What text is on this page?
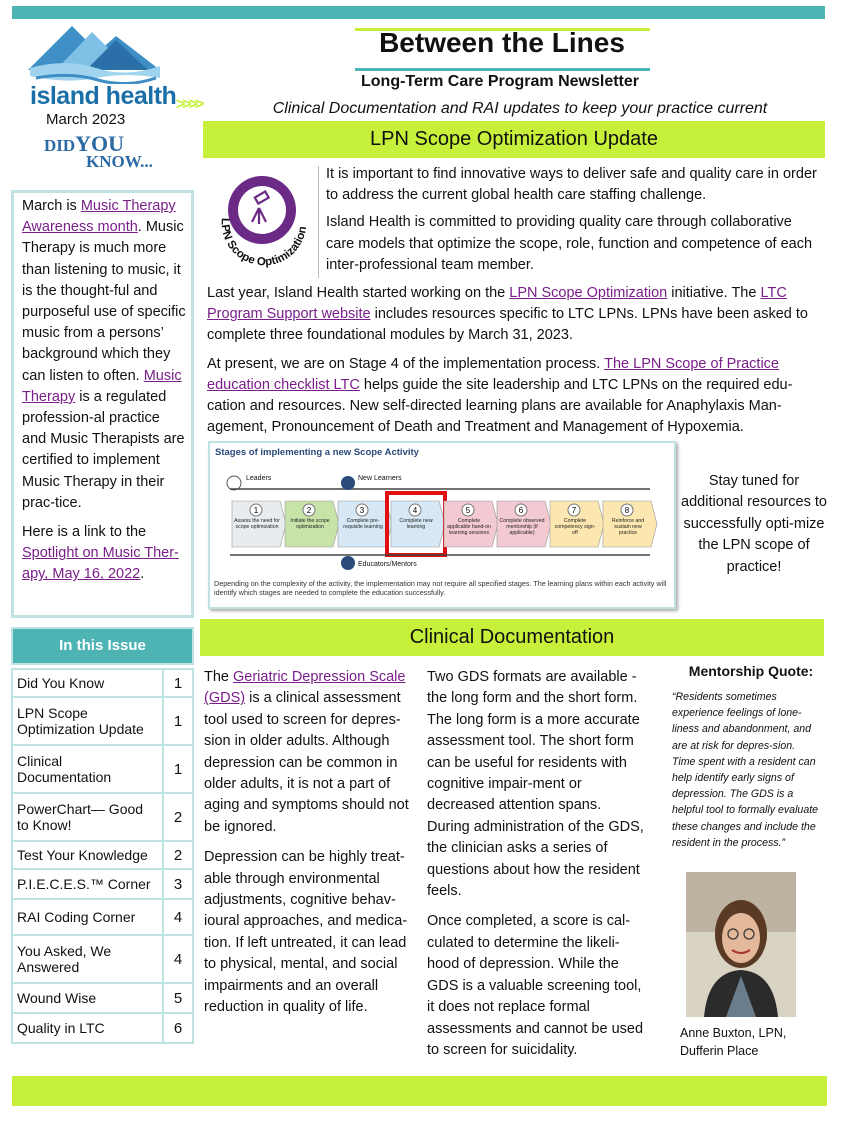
island health
March 2023
DIDYOU
KNOW...
>>>>
Between the Lines
Long-Term Care Program Newsletter
Clinical Documentation and RAI updates to keep your practice current
LPN Scope Optimization Update

March is Music Therapy Awareness month. Music Therapy is much more than listening to music, it is the thought-ful and purposeful use of specific music from a persons’ background which they can listen to often. Music Therapy is a regulated profession-al practice and Music Therapists are certified to implement Music Therapy in their prac-tice.

Here is a link to the Spotlight on Music Ther-apy, May 16, 2022.

In this Issue
Did You Know	1
LPN Scope Optimization Update	1
Clinical Documentation	1
PowerChart— Good to Know!	2
Test Your Knowledge	2
P.I.E.C.E.S.™ Corner	3
RAI Coding Corner	4
You Asked, We Answered	4
Wound Wise	5
Quality in LTC	6
LPN Scope Optimization

It is important to find innovative ways to deliver safe and quality care in order to address the current global health care staffing challenge.

Island Health is committed to providing quality care through collaborative care models that optimize the scope, role, function and competence of each inter-professional team member.

Last year, Island Health started working on the LPN Scope Optimization initiative. The LTC Program Support website includes resources specific to LTC LPNs. LPNs have been asked to complete three foundational modules by March 31, 2023.

At present, we are on Stage 4 of the implementation process. The LPN Scope of Practice education checklist LTC helps guide the site leadership and LTC LPNs on the required edu-cation and resources. New self-directed learning plans are available for Anaphylaxis Man-agement, Pronouncement of Death and Treatment and Management of Hypoxemia.

Stages of implementing a new Scope Activity
Leaders	New Learners
1
Assess the need for scope optimization
2
Initiate the scope optimization
3
Complete pre-requisite learning
4
Complete new learning
5
Complete applicable hand-on learning sessions
6
Complete observed mentorship (if applicable)
7
Complete competency sign-off
8
Reinforce and sustain new practice
Educators/Mentors
Depending on the complexity of the activity, the implementation may not require all specified stages. The learning plans within each activity will identify which stages are needed to complete the education successfully.
Stay tuned for additional resources to successfully opti-mize the LPN scope of practice!
Clinical Documentation

The Geriatric Depression Scale (GDS) is a clinical assessment tool used to screen for depres-sion in older adults. Although depression can be common in older adults, it is not a part of aging and symptoms should not be ignored.

Depression can be highly treat-able through environmental adjustments, cognitive behav-ioural approaches, and medica-tion. If left untreated, it can lead to physical, mental, and social impairments and an overall reduction in quality of life.

Two GDS formats are available - the long form and the short form. The long form is a more accurate assessment tool. The short form can be useful for residents with cognitive impair-ment or decreased attention spans. During administration of the GDS, the clinician asks a series of questions about how the resident feels.

Once completed, a score is cal-culated to determine the likeli-hood of depression. While the GDS is a valuable screening tool, it does not replace formal assessments and cannot be used to screen for suicidality.

Mentorship Quote:
“Residents sometimes experience feelings of lone-liness and abandonment, and are at risk for depres-sion. Time spent with a resident can help identify early signs of depression. The GDS is a helpful tool to formally evaluate these changes and include the resident in the process.”
Anne Buxton, LPN,
Dufferin Place
